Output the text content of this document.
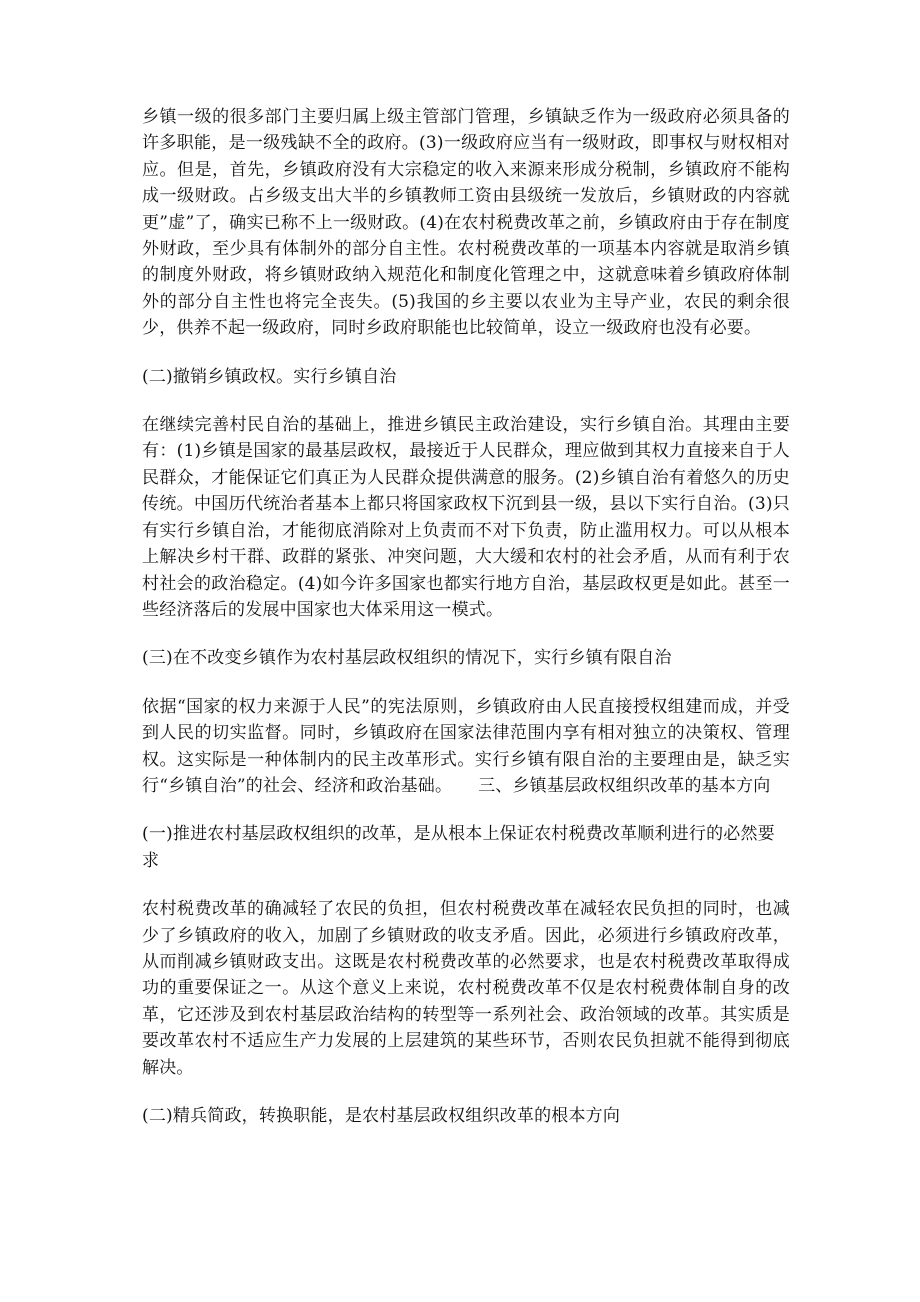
乡镇一级的很多部门主要归属上级主管部门管理，乡镇缺乏作为一级政府必须具备的许多职能，是一级残缺不全的政府。(3)一级政府应当有一级财政，即事权与财权相对应。但是，首先，乡镇政府没有大宗稳定的收入来源来形成分税制，乡镇政府不能构成一级财政。占乡级支出大半的乡镇教师工资由县级统一发放后，乡镇财政的内容就更”虚”了，确实已称不上一级财政。(4)在农村税费改革之前，乡镇政府由于存在制度外财政，至少具有体制外的部分自主性。农村税费改革的一项基本内容就是取消乡镇的制度外财政，将乡镇财政纳入规范化和制度化管理之中，这就意味着乡镇政府体制外的部分自主性也将完全丧失。(5)我国的乡主要以农业为主导产业，农民的剩余很少，供养不起一级政府，同时乡政府职能也比较简单，设立一级政府也没有必要。

(二)撤销乡镇政权。实行乡镇自治

在继续完善村民自治的基础上，推进乡镇民主政治建设，实行乡镇自治。其理由主要有：(1)乡镇是国家的最基层政权，最接近于人民群众，理应做到其权力直接来自于人民群众，才能保证它们真正为人民群众提供满意的服务。(2)乡镇自治有着悠久的历史传统。中国历代统治者基本上都只将国家政权下沉到县一级，县以下实行自治。(3)只有实行乡镇自治，才能彻底消除对上负责而不对下负责，防止滥用权力。可以从根本上解决乡村干群、政群的紧张、冲突问题，大大缓和农村的社会矛盾，从而有利于农村社会的政治稳定。(4)如今许多国家也都实行地方自治，基层政权更是如此。甚至一些经济落后的发展中国家也大体采用这一模式。

(三)在不改变乡镇作为农村基层政权组织的情况下，实行乡镇有限自治

依据“国家的权力来源于人民”的宪法原则，乡镇政府由人民直接授权组建而成，并受到人民的切实监督。同时，乡镇政府在国家法律范围内享有相对独立的决策权、管理权。这实际是一种体制内的民主改革形式。实行乡镇有限自治的主要理由是，缺乏实行“乡镇自治”的社会、经济和政治基础。　　三、乡镇基层政权组织改革的基本方向

(一)推进农村基层政权组织的改革，是从根本上保证农村税费改革顺利进行的必然要求

农村税费改革的确减轻了农民的负担，但农村税费改革在减轻农民负担的同时，也减少了乡镇政府的收入，加剧了乡镇财政的收支矛盾。因此，必须进行乡镇政府改革，从而削减乡镇财政支出。这既是农村税费改革的必然要求，也是农村税费改革取得成功的重要保证之一。从这个意义上来说，农村税费改革不仅是农村税费体制自身的改革，它还涉及到农村基层政治结构的转型等一系列社会、政治领域的改革。其实质是要改革农村不适应生产力发展的上层建筑的某些环节，否则农民负担就不能得到彻底解决。

(二)精兵简政，转换职能，是农村基层政权组织改革的根本方向
